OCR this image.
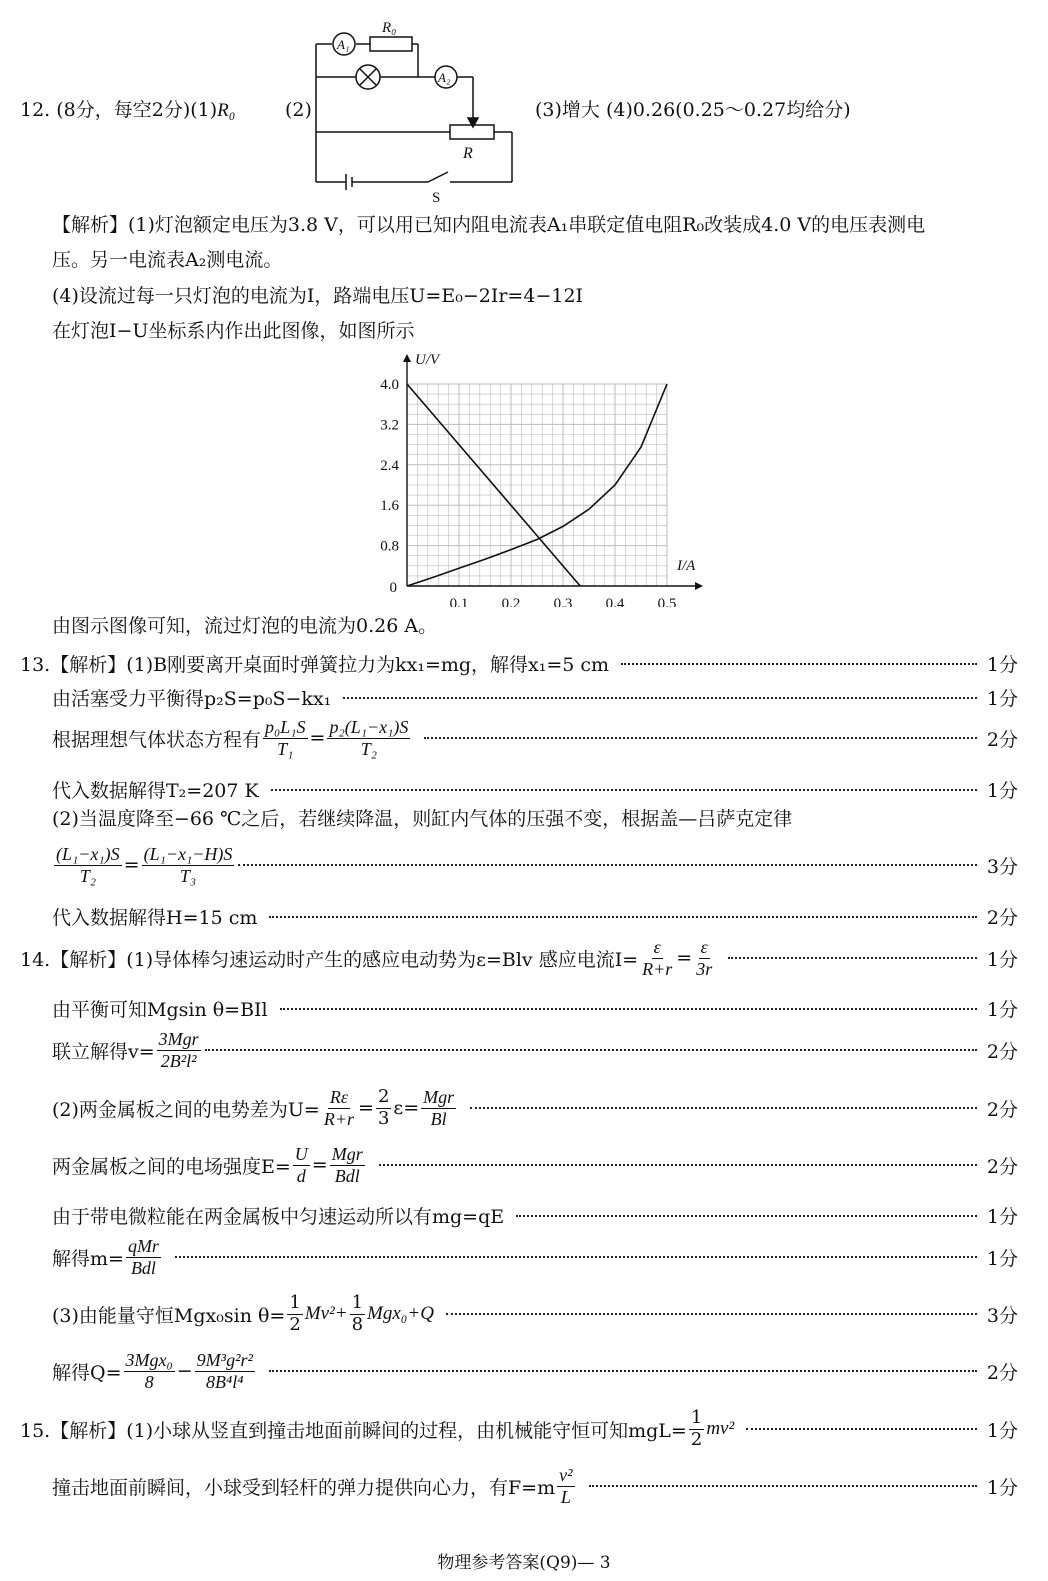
12. (8分，每空2分)(1)R₀	(2)
A₁
A₂
R₀
R
S
(3)增大 (4)0.26(0.25～0.27均给分)
【解析】(1)灯泡额定电压为3.8 V，可以用已知内阻电流表A₁串联定值电阻R₀改装成4.0 V的电压表测电
压。另一电流表A₂测电流。
(4)设流过每一只灯泡的电流为I，路端电压U=E₀−2Ir=4−12I
在灯泡I−U坐标系内作出此图像，如图所示
0.1 0.2 0.3 0.4 0.5
0.8
1.6
2.4
3.2
4.0
0
I/A
U/V
由图示图像可知，流过灯泡的电流为0.26 A。
13.【解析】(1)B刚要离开桌面时弹簧拉力为kx₁=mg，解得x₁=5 cm	1分
由活塞受力平衡得p₂S=p₀S−kx₁	1分
根据理想气体状态方程有 $\frac{\text{p₀L₁S}}{\text{T₁}} = \frac{\text{p₂(L₁−x₁)S}}{\text{T₂}}$	2分
代入数据解得T₂=207 K	1分
(2)当温度降至−66 ℃之后，若继续降温，则缸内气体的压强不变，根据盖—吕萨克定律
$\frac{\text{(L₁−x₁)S}}{\text{T₂}} = \frac{\text{(L₁−x₁−H)S}}{\text{T₃}}$	3分
代入数据解得H=15 cm	2分
14.【解析】(1)导体棒匀速运动时产生的感应电动势为ε=Blv 感应电流$I= \frac{\varepsilon}{R+r} = \frac{\varepsilon}{3r}$	1分
由平衡可知Mgsin θ=BIl	1分
联立解得$v= \frac{\text{3Mgr}}{\text{2B²l²}}$	2分
(2)两金属板之间的电势差为$U= \frac{R\varepsilon}{R+r} = \frac{2}{3} \varepsilon= \frac{\text{Mgr}}{Bl}$	2分
两金属板之间的电场强度$E= \frac{U}{d} = \frac{\text{Mgr}}{\text{Bdl}}$	2分
由于带电微粒能在两金属板中匀速运动所以有mg=qE	1分
解得$m= \frac{\text{qMr}}{\text{Bdl}}$	1分
(3)由能量守恒Mgx₀sin $\theta= \frac{1}{2} Mv^2+ \frac{1}{8} Mgx_0+Q$	3分
解得$Q= \frac{\text{3Mgx₀}}{8} - \frac{\text{9M³g²r²}}{\text{8B⁴l⁴}}$	2分
15.【解析】(1)小球从竖直到撞击地面前瞬间的过程，由机械能守恒可知$mgL= \frac{1}{2} mv^2$	1分
撞击地面前瞬间，小球受到轻杆的弹力提供向心力，有$F=m \frac{\text{v²}}{L}$	1分
物理参考答案(Q9)— 3
